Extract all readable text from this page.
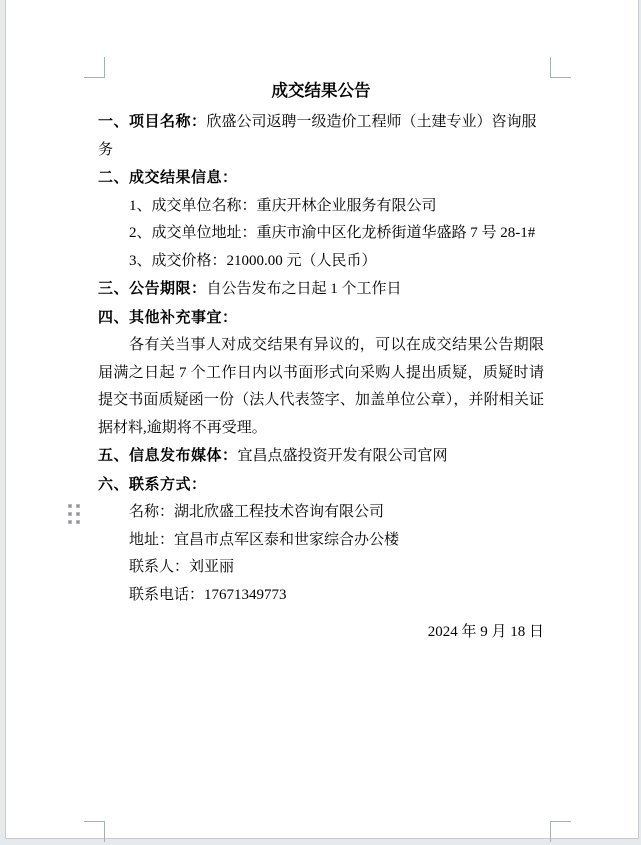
成交结果公告

一、项目名称：欣盛公司返聘一级造价工程师（土建专业）咨询服务

二、成交结果信息：

1、成交单位名称：重庆开林企业服务有限公司

2、成交单位地址：重庆市渝中区化龙桥街道华盛路 7 号 28-1#

3、成交价格：21000.00 元（人民币）

三、公告期限：自公告发布之日起 1 个工作日

四、其他补充事宜：

各有关当事人对成交结果有异议的，可以在成交结果公告期限届满之日起 7 个工作日内以书面形式向采购人提出质疑，质疑时请提交书面质疑函一份（法人代表签字、加盖单位公章），并附相关证据材料,逾期将不再受理。

五、信息发布媒体：宜昌点盛投资开发有限公司官网

六、联系方式：

名称：湖北欣盛工程技术咨询有限公司

地址：宜昌市点军区泰和世家综合办公楼

联系人：刘亚丽

联系电话：17671349773

2024 年 9 月 18 日
